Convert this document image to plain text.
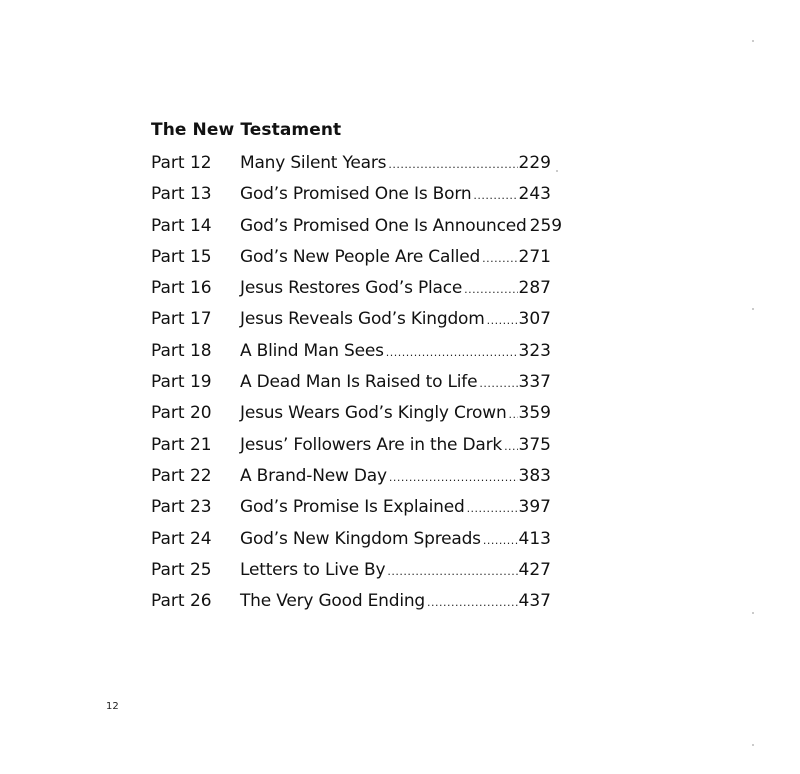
The New Testament
Part 12	Many Silent Years .....	229
Part 13	God’s Promised One Is Born .....	243
Part 14	God’s Promised One Is Announced 259
Part 15	God’s New People Are Called ..... 271
Part 16	Jesus Restores God’s Place .....	287
Part 17	Jesus Reveals God’s Kingdom ..... 307
Part 18	A Blind Man Sees .....	323
Part 19	A Dead Man Is Raised to Life ..... 337
Part 20	Jesus Wears God’s Kingly Crown ..... 359
Part 21	Jesus’ Followers Are in the Dark ..... 375
Part 22	A Brand-New Day .....	383
Part 23	God’s Promise Is Explained .....	397
Part 24	God’s New Kingdom Spreads ..... 413
Part 25	Letters to Live By .....	427
Part 26	The Very Good Ending .....	437
12
